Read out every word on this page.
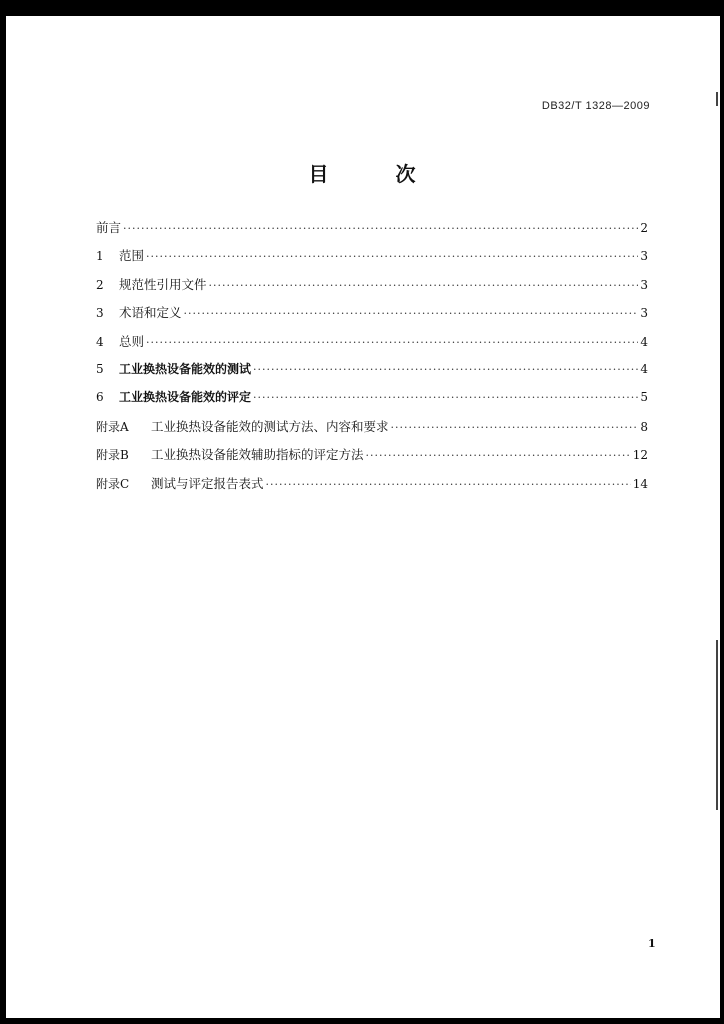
DB32/T 1328—2009
目 次
前言 ·····	2
1	范围 ·····	3
2	规范性引用文件 ·····	3
3	术语和定义 ·····	3
4	总则 ·····	4
5	工业换热设备能效的测试 ·····	4
6	工业换热设备能效的评定 ·····	5
附录A	工业换热设备能效的测试方法、内容和要求 ·····	8
附录B	工业换热设备能效辅助指标的评定方法 ·····	12
附录C	测试与评定报告表式 ·····	14
1
